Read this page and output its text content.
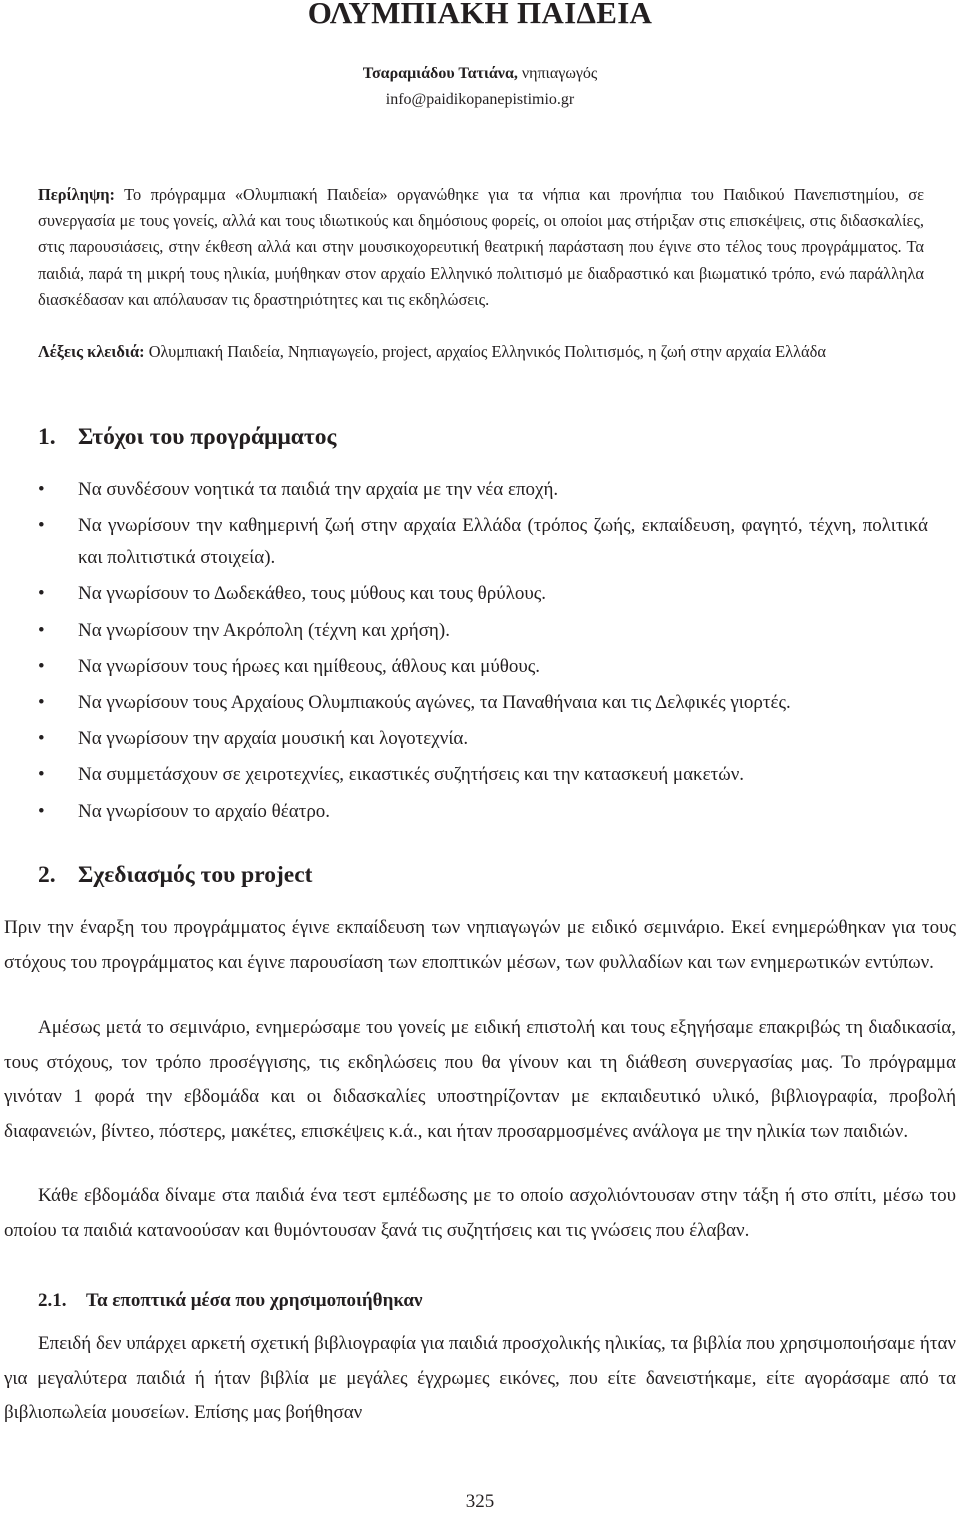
ΟΛΥΜΠΙΑΚΗ ΠΑΙΔΕΙΑ
Τσαραμιάδου Τατιάνα, νηπιαγωγός
info@paidikopanepistimio.gr
Περίληψη: Το πρόγραμμα «Ολυμπιακή Παιδεία» οργανώθηκε για τα νήπια και προνήπια του Παιδικού Πανεπιστημίου, σε συνεργασία με τους γονείς, αλλά και τους ιδιωτικούς και δημόσιους φορείς, οι οποίοι μας στήριξαν στις επισκέψεις, στις διδασκαλίες, στις παρουσιάσεις, στην έκθεση αλλά και στην μουσικοχορευτική θεατρική παράσταση που έγινε στο τέλος τους προγράμματος. Τα παιδιά, παρά τη μικρή τους ηλικία, μυήθηκαν στον αρχαίο Ελληνικό πολιτισμό με διαδραστικό και βιωματικό τρόπο, ενώ παράλληλα διασκέδασαν και απόλαυσαν τις δραστηριότητες και τις εκδηλώσεις.
Λέξεις κλειδιά: Ολυμπιακή Παιδεία, Νηπιαγωγείο, project, αρχαίος Ελληνικός Πολιτισμός, η ζωή στην αρχαία Ελλάδα
1. Στόχοι του προγράμματος
• Να συνδέσουν νοητικά τα παιδιά την αρχαία με την νέα εποχή.
• Να γνωρίσουν την καθημερινή ζωή στην αρχαία Ελλάδα (τρόπος ζωής, εκπαίδευση, φαγητό, τέχνη, πολιτικά και πολιτιστικά στοιχεία).
• Να γνωρίσουν το Δωδεκάθεο, τους μύθους και τους θρύλους.
• Να γνωρίσουν την Ακρόπολη (τέχνη και χρήση).
• Να γνωρίσουν τους ήρωες και ημίθεους, άθλους και μύθους.
• Να γνωρίσουν τους Αρχαίους Ολυμπιακούς αγώνες, τα Παναθήναια και τις Δελφικές γιορτές.
• Να γνωρίσουν την αρχαία μουσική και λογοτεχνία.
• Να συμμετάσχουν σε χειροτεχνίες, εικαστικές συζητήσεις και την κατασκευή μακετών.
• Να γνωρίσουν το αρχαίο θέατρο.
2. Σχεδιασμός του project

Πριν την έναρξη του προγράμματος έγινε εκπαίδευση των νηπιαγωγών με ειδικό σεμινάριο. Εκεί ενημερώθηκαν για τους στόχους του προγράμματος και έγινε παρουσίαση των εποπτικών μέσων, των φυλλαδίων και των ενημερωτικών εντύπων.

Αμέσως μετά το σεμινάριο, ενημερώσαμε του γονείς με ειδική επιστολή και τους εξηγήσαμε επακριβώς τη διαδικασία, τους στόχους, τον τρόπο προσέγγισης, τις εκδηλώσεις που θα γίνουν και τη διάθεση συνεργασίας μας. Το πρόγραμμα γινόταν 1 φορά την εβδομάδα και οι διδασκαλίες υποστηρίζονταν με εκπαιδευτικό υλικό, βιβλιογραφία, προβολή διαφανειών, βίντεο, πόστερς, μακέτες, επισκέψεις κ.ά., και ήταν προσαρμοσμένες ανάλογα με την ηλικία των παιδιών.

Κάθε εβδομάδα δίναμε στα παιδιά ένα τεστ εμπέδωσης με το οποίο ασχολιόντουσαν στην τάξη ή στο σπίτι, μέσω του οποίου τα παιδιά κατανοούσαν και θυμόντουσαν ξανά τις συζητήσεις και τις γνώσεις που έλαβαν.

2.1. Τα εποπτικά μέσα που χρησιμοποιήθηκαν

Επειδή δεν υπάρχει αρκετή σχετική βιβλιογραφία για παιδιά προσχολικής ηλικίας, τα βιβλία που χρησιμοποιήσαμε ήταν για μεγαλύτερα παιδιά ή ήταν βιβλία με μεγάλες έγχρωμες εικόνες, που είτε δανειστήκαμε, είτε αγοράσαμε από τα βιβλιοπωλεία μουσείων. Επίσης μας βοήθησαν

325
